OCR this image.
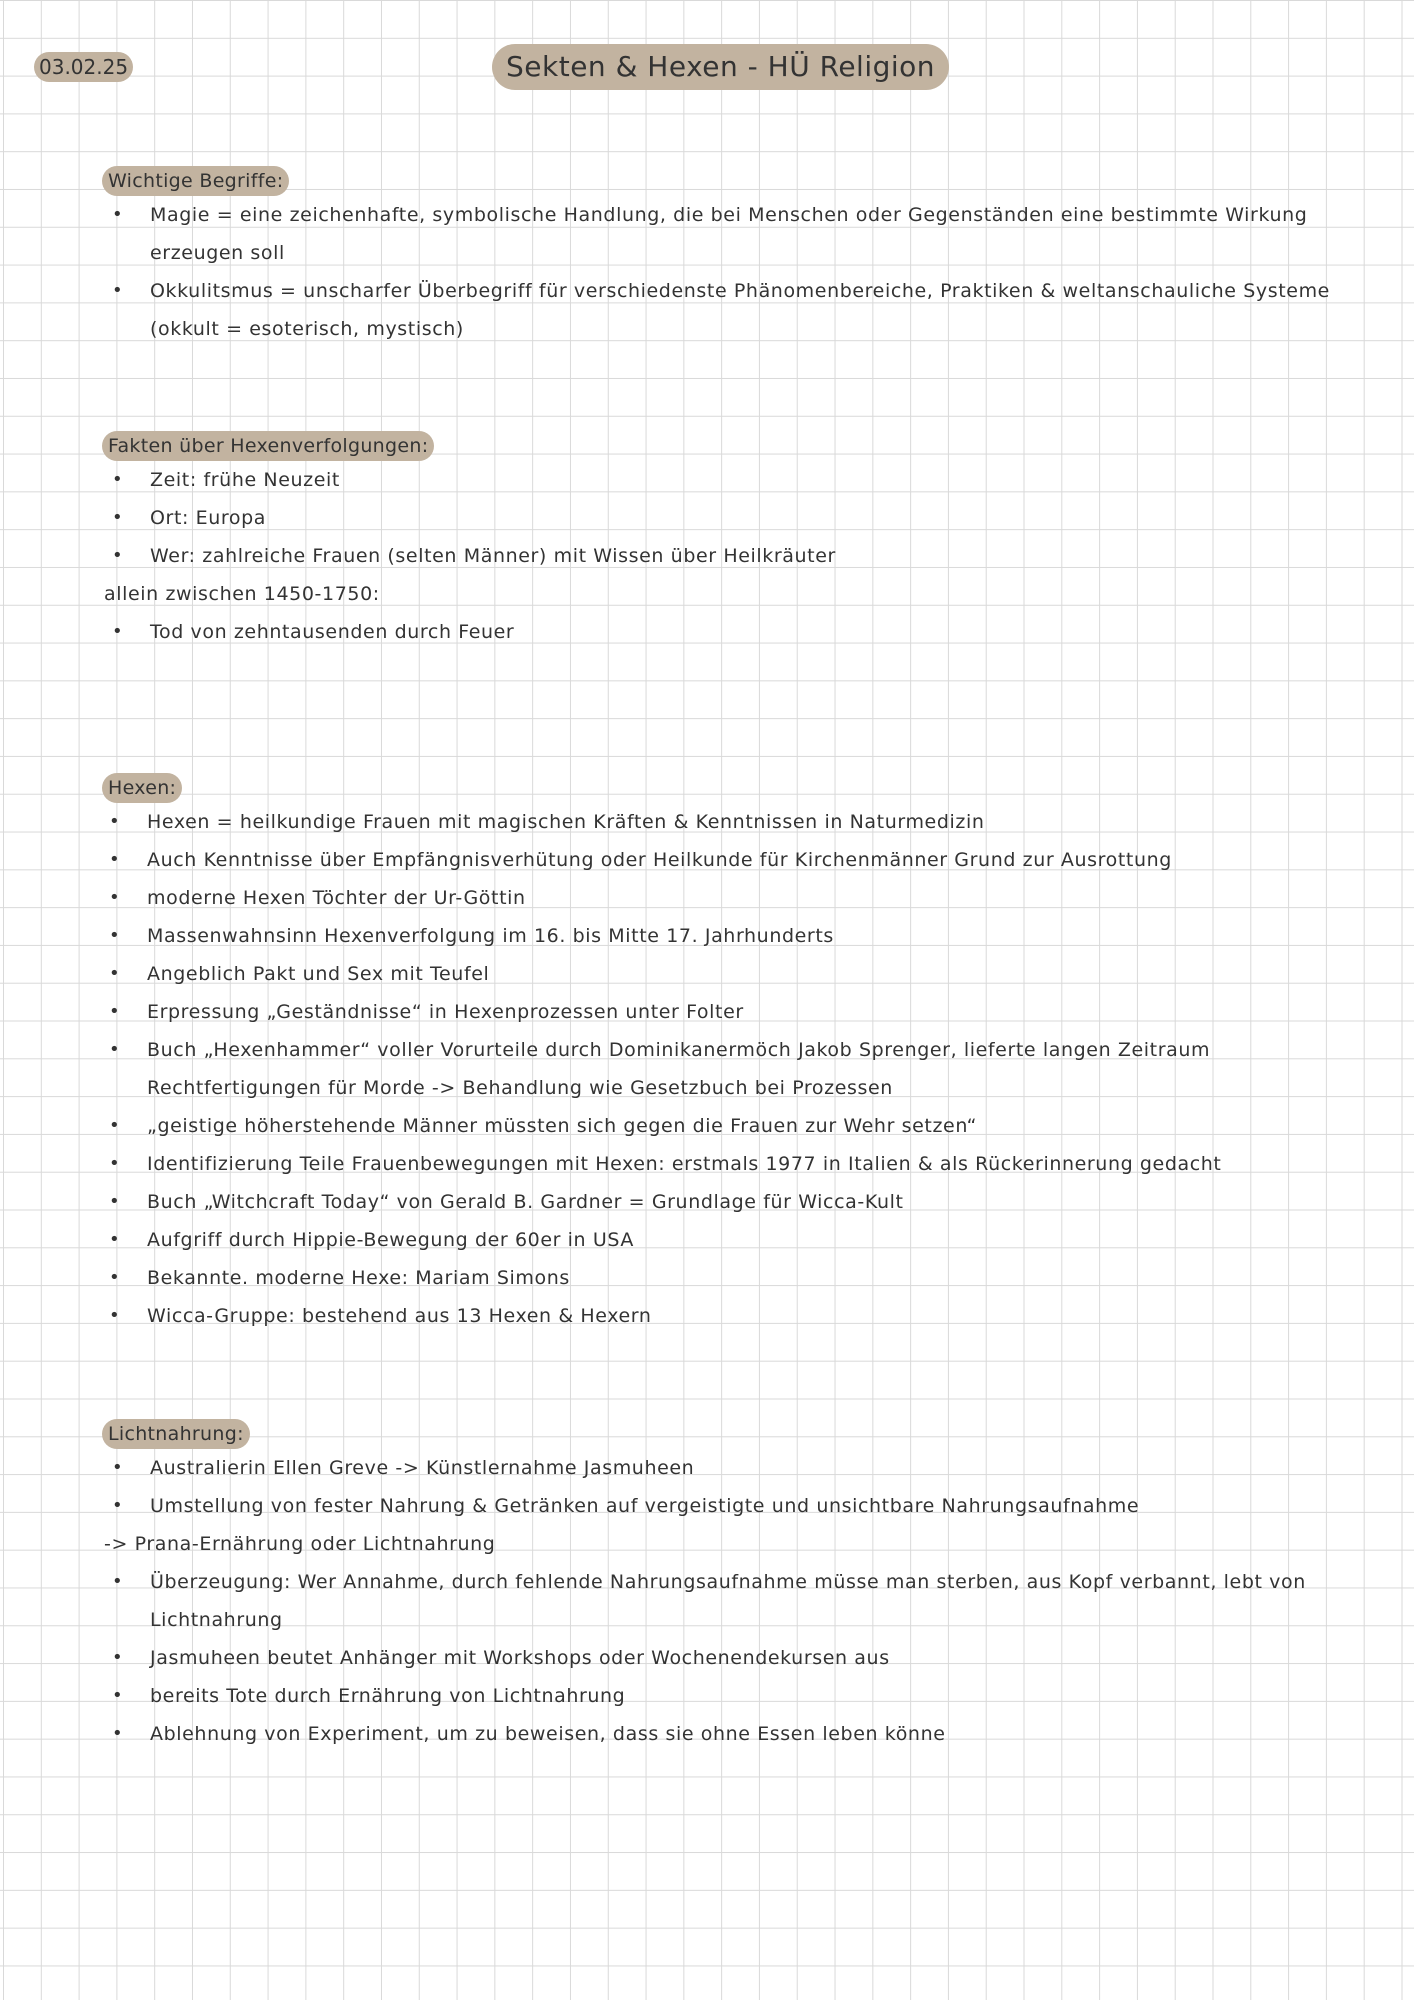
03.02.25	Sekten & Hexen - HÜ Religion
Wichtige Begriffe:
• Magie = eine zeichenhafte, symbolische Handlung, die bei Menschen oder Gegenständen eine bestimmte Wirkung erzeugen soll
• Okkulitsmus = unscharfer Überbegriff für verschiedenste Phänomenbereiche, Praktiken & weltanschauliche Systeme (okkult = esoterisch, mystisch)
Fakten über Hexenverfolgungen:
• Zeit: frühe Neuzeit
• Ort: Europa
• Wer: zahlreiche Frauen (selten Männer) mit Wissen über Heilkräuter

allein zwischen 1450-1750:

• Tod von zehntausenden durch Feuer
Hexen:
• Hexen = heilkundige Frauen mit magischen Kräften & Kenntnissen in Naturmedizin
• Auch Kenntnisse über Empfängnisverhütung oder Heilkunde für Kirchenmänner Grund zur Ausrottung
• moderne Hexen Töchter der Ur-Göttin
• Massenwahnsinn Hexenverfolgung im 16. bis Mitte 17. Jahrhunderts
• Angeblich Pakt und Sex mit Teufel
• Erpressung „Geständnisse“ in Hexenprozessen unter Folter
• Buch „Hexenhammer“ voller Vorurteile durch Dominikanermöch Jakob Sprenger, lieferte langen Zeitraum Rechtfertigungen für Morde -> Behandlung wie Gesetzbuch bei Prozessen
• „geistige höherstehende Männer müssten sich gegen die Frauen zur Wehr setzen“
• Identifizierung Teile Frauenbewegungen mit Hexen: erstmals 1977 in Italien & als Rückerinnerung gedacht
• Buch „Witchcraft Today“ von Gerald B. Gardner = Grundlage für Wicca-Kult
• Aufgriff durch Hippie-Bewegung der 60er in USA
• Bekannte. moderne Hexe: Mariam Simons
• Wicca-Gruppe: bestehend aus 13 Hexen & Hexern
Lichtnahrung:
• Australierin Ellen Greve -> Künstlernahme Jasmuheen
• Umstellung von fester Nahrung & Getränken auf vergeistigte und unsichtbare Nahrungsaufnahme

-> Prana-Ernährung oder Lichtnahrung

• Überzeugung: Wer Annahme, durch fehlende Nahrungsaufnahme müsse man sterben, aus Kopf verbannt, lebt von Lichtnahrung
• Jasmuheen beutet Anhänger mit Workshops oder Wochenendekursen aus
• bereits Tote durch Ernährung von Lichtnahrung
• Ablehnung von Experiment, um zu beweisen, dass sie ohne Essen leben könne
